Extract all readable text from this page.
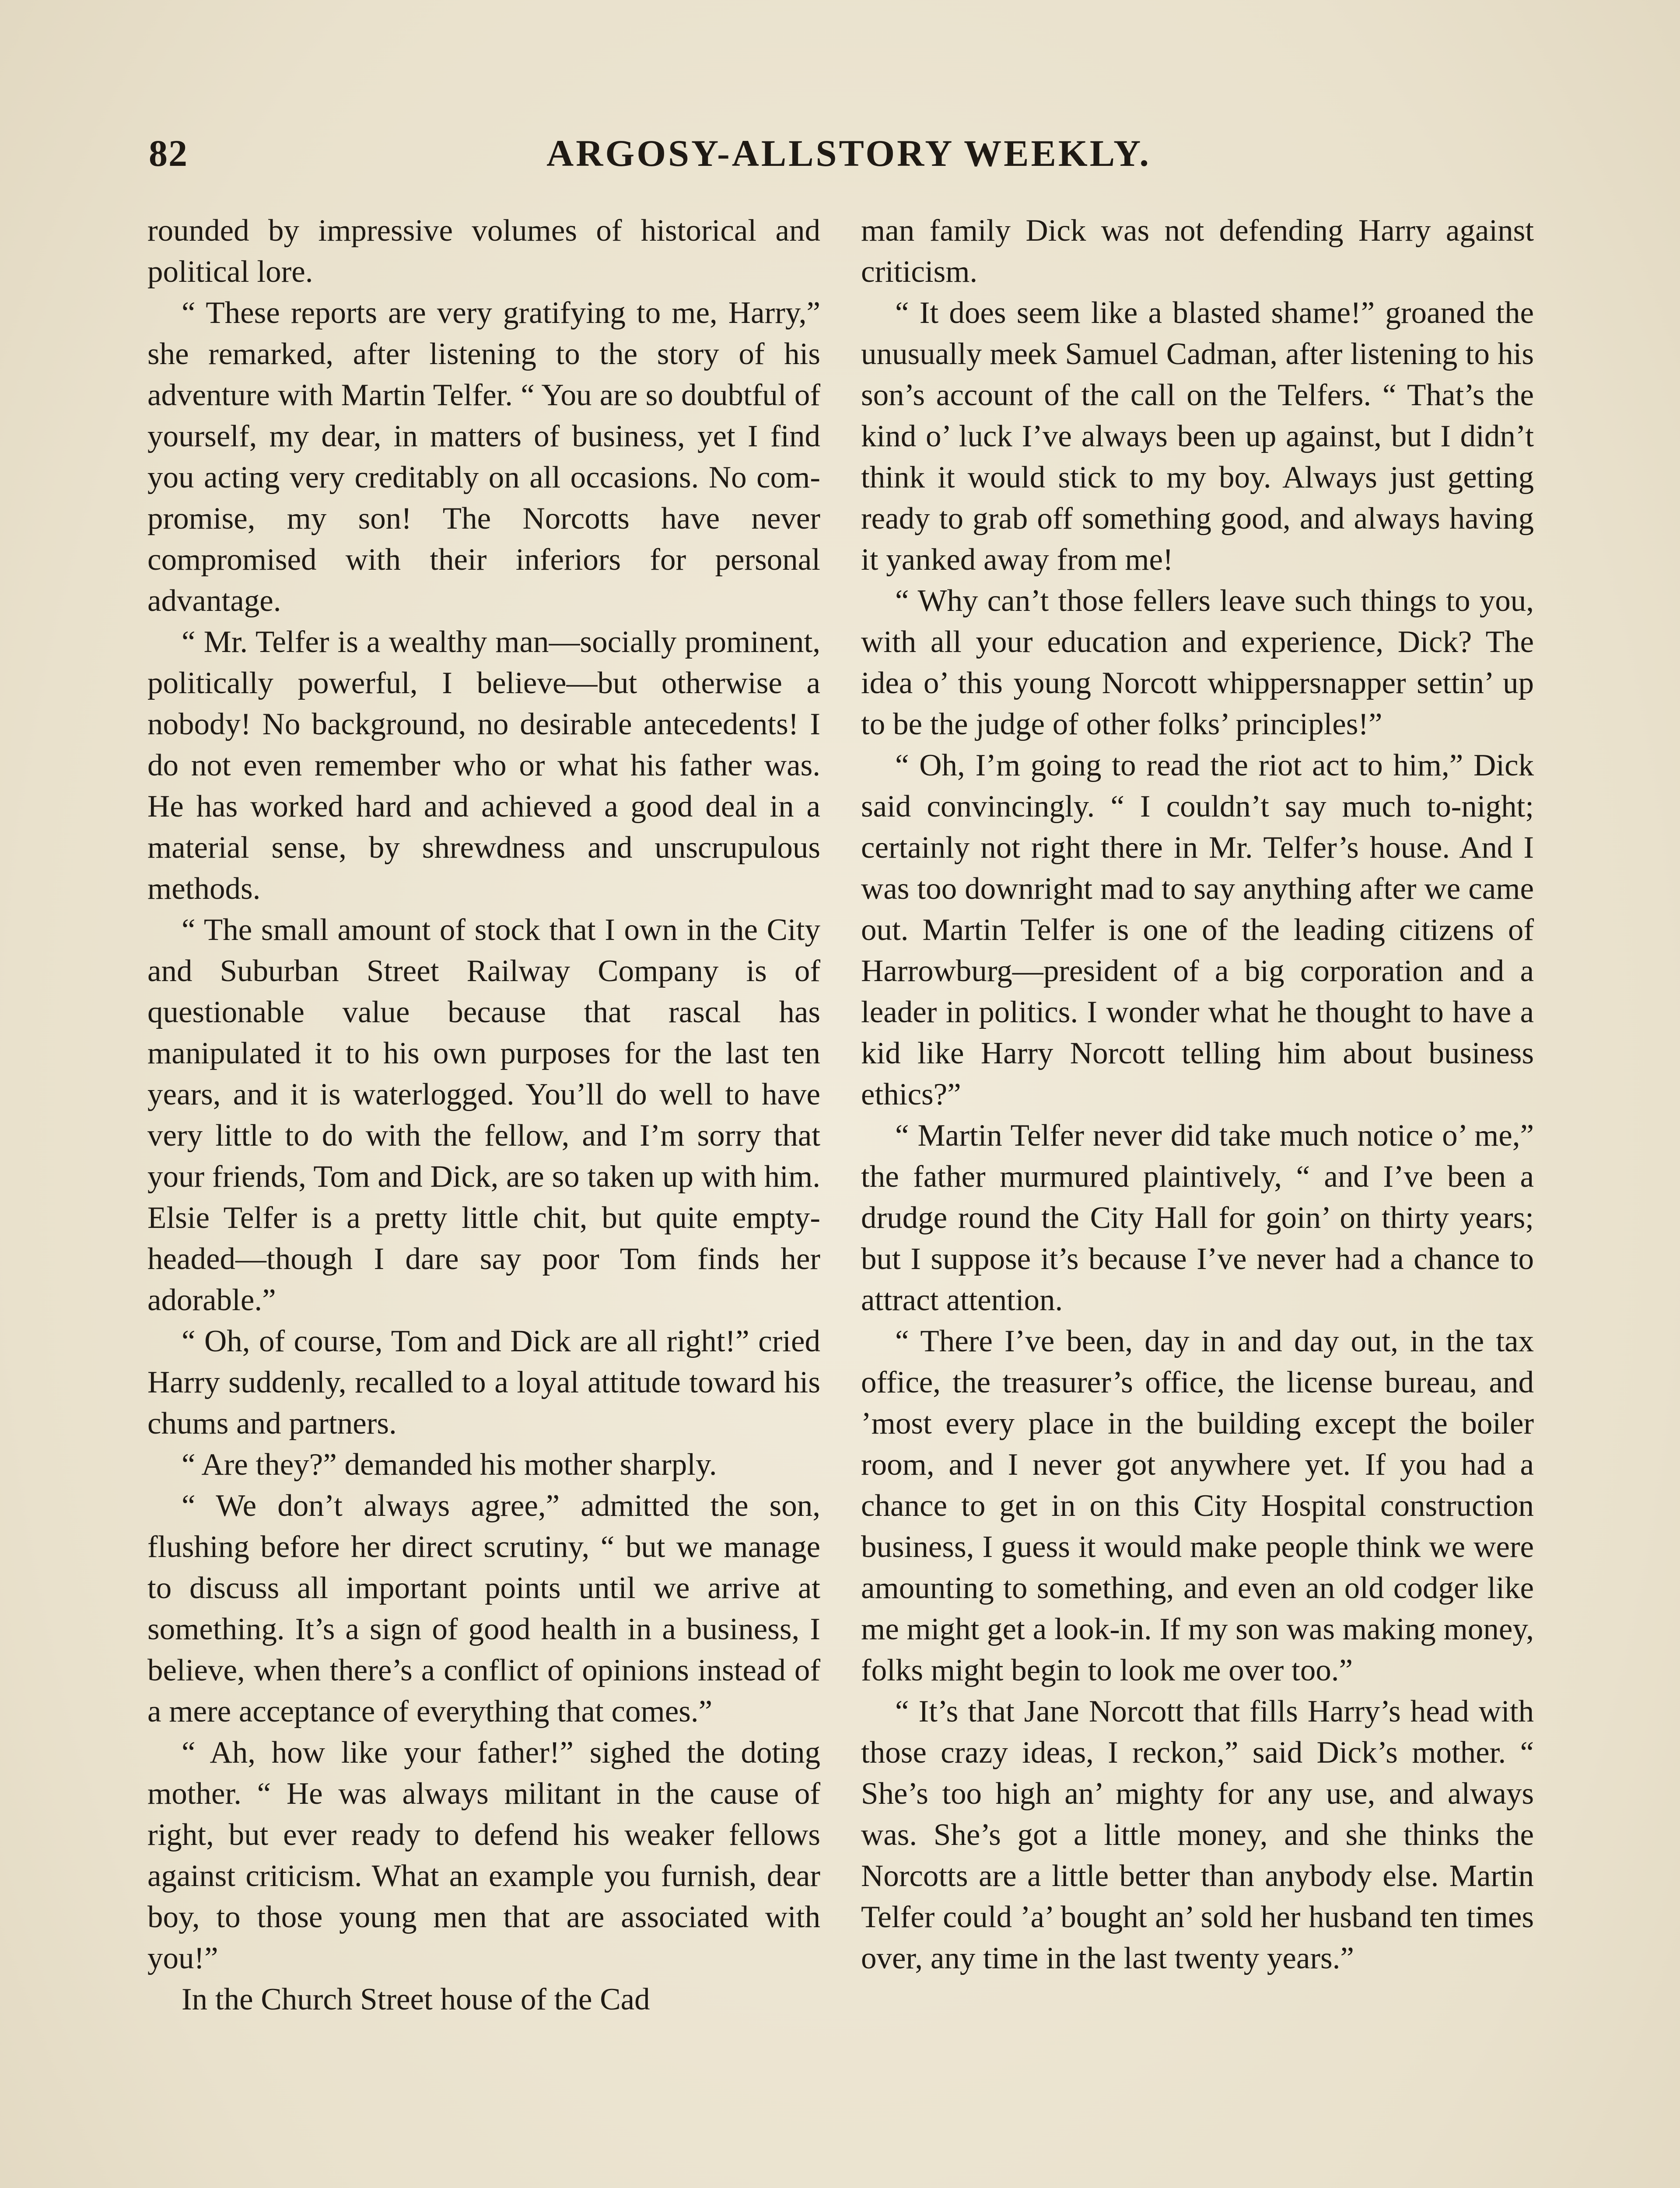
82	ARGOSY-ALLSTORY WEEKLY.

rounded by impressive volumes of historical and political lore.

“ These reports are very gratifying to me, Harry,” she remarked, after listening to the story of his adventure with Martin Telfer. “ You are so doubtful of yourself, my dear, in matters of business, yet I find you acting very creditably on all occasions. No compromise, my son! The Norcotts have never compromised with their inferiors for personal advantage.

“ Mr. Telfer is a wealthy man—socially prominent, politically powerful, I believe—but otherwise a nobody! No background, no desirable antecedents! I do not even remember who or what his father was. He has worked hard and achieved a good deal in a material sense, by shrewdness and unscrupulous methods.

“ The small amount of stock that I own in the City and Suburban Street Railway Company is of questionable value because that rascal has manipulated it to his own purposes for the last ten years, and it is waterlogged. You’ll do well to have very little to do with the fellow, and I’m sorry that your friends, Tom and Dick, are so taken up with him. Elsie Telfer is a pretty little chit, but quite empty-headed—though I dare say poor Tom finds her adorable.”

“ Oh, of course, Tom and Dick are all right!” cried Harry suddenly, recalled to a loyal attitude toward his chums and partners.

“ Are they?” demanded his mother sharply.

“ We don’t always agree,” admitted the son, flushing before her direct scrutiny, “ but we manage to discuss all important points until we arrive at something. It’s a sign of good health in a business, I believe, when there’s a conflict of opinions instead of a mere acceptance of everything that comes.”

“ Ah, how like your father!” sighed the doting mother. “ He was always militant in the cause of right, but ever ready to defend his weaker fellows against criticism. What an example you furnish, dear boy, to those young men that are associated with you!”

In the Church Street house of the Cad

man family Dick was not defending Harry against criticism.

“ It does seem like a blasted shame!” groaned the unusually meek Samuel Cadman, after listening to his son’s account of the call on the Telfers. “ That’s the kind o’ luck I’ve always been up against, but I didn’t think it would stick to my boy. Always just getting ready to grab off something good, and always having it yanked away from me!

“ Why can’t those fellers leave such things to you, with all your education and experience, Dick? The idea o’ this young Norcott whippersnapper settin’ up to be the judge of other folks’ principles!”

“ Oh, I’m going to read the riot act to him,” Dick said convincingly. “ I couldn’t say much to-night; certainly not right there in Mr. Telfer’s house. And I was too downright mad to say anything after we came out. Martin Telfer is one of the leading citizens of Harrowburg—president of a big corporation and a leader in politics. I wonder what he thought to have a kid like Harry Norcott telling him about business ethics?”

“ Martin Telfer never did take much notice o’ me,” the father murmured plaintively, “ and I’ve been a drudge round the City Hall for goin’ on thirty years; but I suppose it’s because I’ve never had a chance to attract attention.

“ There I’ve been, day in and day out, in the tax office, the treasurer’s office, the license bureau, and ’most every place in the building except the boiler room, and I never got anywhere yet. If you had a chance to get in on this City Hospital construction business, I guess it would make people think we were amounting to something, and even an old codger like me might get a look-in. If my son was making money, folks might begin to look me over too.”

“ It’s that Jane Norcott that fills Harry’s head with those crazy ideas, I reckon,” said Dick’s mother. “ She’s too high an’ mighty for any use, and always was. She’s got a little money, and she thinks the Norcotts are a little better than anybody else. Martin Telfer could ’a’ bought an’ sold her husband ten times over, any time in the last twenty years.”
